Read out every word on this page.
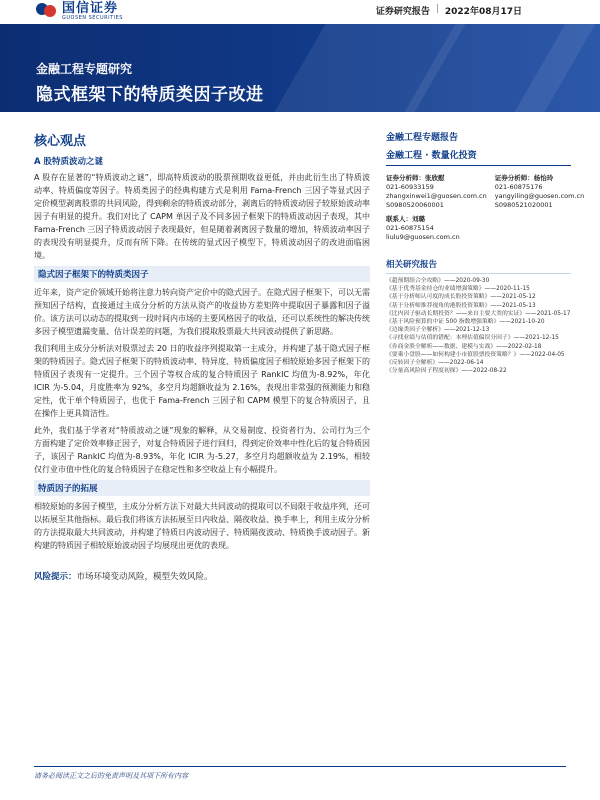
国信证券
GUOSEN SECURITIES
证券研究报告 | 2022年08月17日
金融工程专题研究
隐式框架下的特质类因子改进
核心观点
A 股特质波动之谜

A 股存在显著的“特质波动之谜”，即高特质波动的股票预期收益更低，并由此衍生出了特质波动率、特质偏度等因子。特质类因子的经典构建方式是利用 Fama-French 三因子等显式因子定价模型剥离股票的共同风险，得到剩余的特质波动部分，剥离后的特质波动因子较原始波动率因子有明显的提升。我们对比了 CAPM 单因子及不同多因子框架下的特质波动因子表现，其中 Fama-French 三因子特质波动因子表现最好，但是随着剥离因子数量的增加，特质波动率因子的表现没有明显提升，反而有所下降。在传统的显式因子模型下，特质波动因子的改进面临困境。

隐式因子框架下的特质类因子

近年来，资产定价领域开始将注意力转向资产定价中的隐式因子。在隐式因子框架下，可以无需预知因子结构，直接通过主成分分析的方法从资产的收益协方差矩阵中提取因子暴露和因子溢价。该方法可以动态的提取到一段时间内市场的主要风格因子的收益，还可以系统性的解决传统多因子模型遗漏变量、估计误差的问题，为我们提取股票最大共同波动提供了新思路。

我们利用主成分分析法对股票过去 20 日的收益序列提取第一主成分，并构建了基于隐式因子框架的特质因子。隐式因子框架下的特质波动率、特异度、特质偏度因子相较原始多因子框架下的特质因子表现有一定提升。三个因子等权合成的复合特质因子 RankIC 均值为-8.92%，年化 ICIR 为-5.04，月度胜率为 92%，多空月均超额收益为 2.16%，表现出非常强的预测能力和稳定性，优于单个特质因子，也优于 Fama-French 三因子和 CAPM 模型下的复合特质因子，且在操作上更具简洁性。

此外，我们基于学者对“特质波动之谜”现象的解释，从交易制度、投资者行为、公司行为三个方面构建了定价效率修正因子，对复合特质因子进行回归，得到定价效率中性化后的复合特质因子，该因子 RankIC 均值为-8.93%，年化 ICIR 为-5.27，多空月均超额收益为 2.19%，相较仅行业市值中性化的复合特质因子在稳定性和多空收益上有小幅提升。

特质因子的拓展

相较原始的多因子模型，主成分分析方法下对最大共同波动的提取可以不局限于收益序列，还可以拓展至其他指标。最后我们将该方法拓展至日内收益、隔夜收益、换手率上，利用主成分分析的方法提取最大共同波动，并构建了特质日内波动因子、特质隔夜波动、特质换手波动因子。新构建的特质因子相较原始波动因子均展现出更优的表现。

风险提示：市场环境变动风险，模型失效风险。
金融工程专题报告
金融工程 · 数量化投资
证券分析师：张欣慰
021-60933159
zhangxinwei1@guosen.com.cn
S0980520060001
证券分析师：杨怡玲
021-60875176
yangyiling@guosen.com.cn
S0980521020001
联系人：刘璐
021-60875154
liulu9@guosen.com.cn
相关研究报告
《超预期组合全攻略》——2020-09-30
《基于优秀基金持仓的业绩增强策略》——2020-11-15
《基于分析师认可度的成长股投资策略》——2021-05-12
《基于分析师推荐视角的港股投资策略》——2021-05-13
《比内因子驱动长期投资？——来自主要大类的实证》——2021-05-17
《基于风险预算的中证 500 指数增强策略》——2021-10-20
《边缘类因子全解析》——2021-12-13
《寻找业绩与估值的错配：本理估值偏误分因子》——2021-12-15
《券商金股全解析——数据、建模与实战》——2022-02-18
《要乘小盘股——如何构建小市值股票投资策略？》——2022-04-05
《反转因子全解析》——2022-06-14
《分量高风险因子程度初探》——2022-08-22
请务必阅读正文之后的免责声明及其项下所有内容
